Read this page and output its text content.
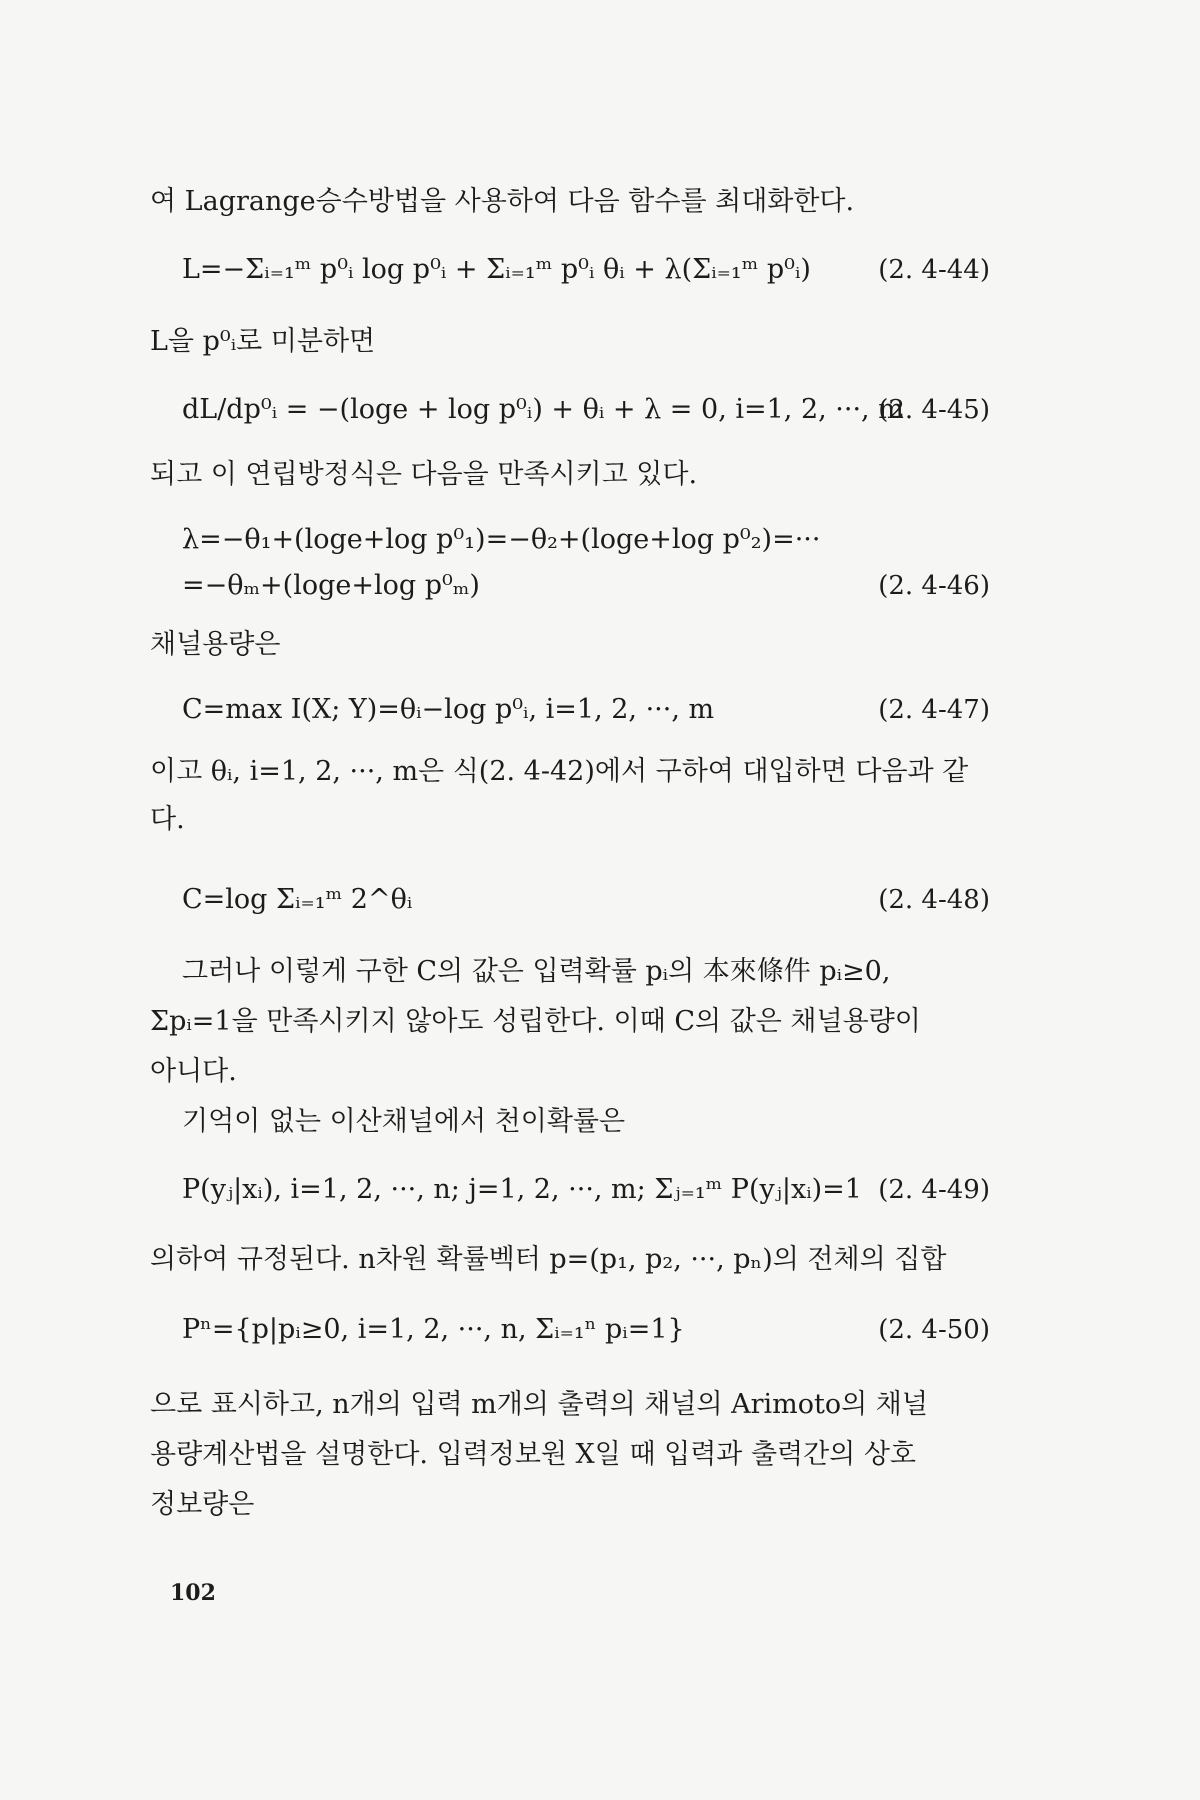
여 Lagrange승수방법을 사용하여 다음 함수를 최대화한다.
L=−Σᵢ₌₁ᵐ p⁰ᵢ log p⁰ᵢ + Σᵢ₌₁ᵐ p⁰ᵢ θᵢ + λ(Σᵢ₌₁ᵐ p⁰ᵢ)	(2. 4-44)
L을 p⁰ᵢ로 미분하면
dL/dp⁰ᵢ = −(loge + log p⁰ᵢ) + θᵢ + λ = 0, i=1, 2, ···, m
(2. 4-45)
되고 이 연립방정식은 다음을 만족시키고 있다.
λ=−θ₁+(loge+log p⁰₁)=−θ₂+(loge+log p⁰₂)=···
=−θₘ+(loge+log p⁰ₘ)	(2. 4-46)
채널용량은
C=max I(X; Y)=θᵢ−log p⁰ᵢ, i=1, 2, ···, m	(2. 4-47)
이고 θᵢ, i=1, 2, ···, m은 식(2. 4-42)에서 구하여 대입하면 다음과 같
다.
C=log Σᵢ₌₁ᵐ 2^θᵢ	(2. 4-48)
그러나 이렇게 구한 C의 값은 입력확률 pᵢ의 本來條件 pᵢ≥0,
Σpᵢ=1을 만족시키지 않아도 성립한다. 이때 C의 값은 채널용량이
아니다.
기억이 없는 이산채널에서 천이확률은
P(yⱼ|xᵢ), i=1, 2, ···, n; j=1, 2, ···, m; Σⱼ₌₁ᵐ P(yⱼ|xᵢ)=1 (2. 4-49)
의하여 규정된다. n차원 확률벡터 p=(p₁, p₂, ···, pₙ)의 전체의 집합
Pⁿ={p|pᵢ≥0, i=1, 2, ···, n, Σᵢ₌₁ⁿ pᵢ=1}	(2. 4-50)
으로 표시하고, n개의 입력 m개의 출력의 채널의 Arimoto의 채널
용량계산법을 설명한다. 입력정보원 X일 때 입력과 출력간의 상호
정보량은
102
